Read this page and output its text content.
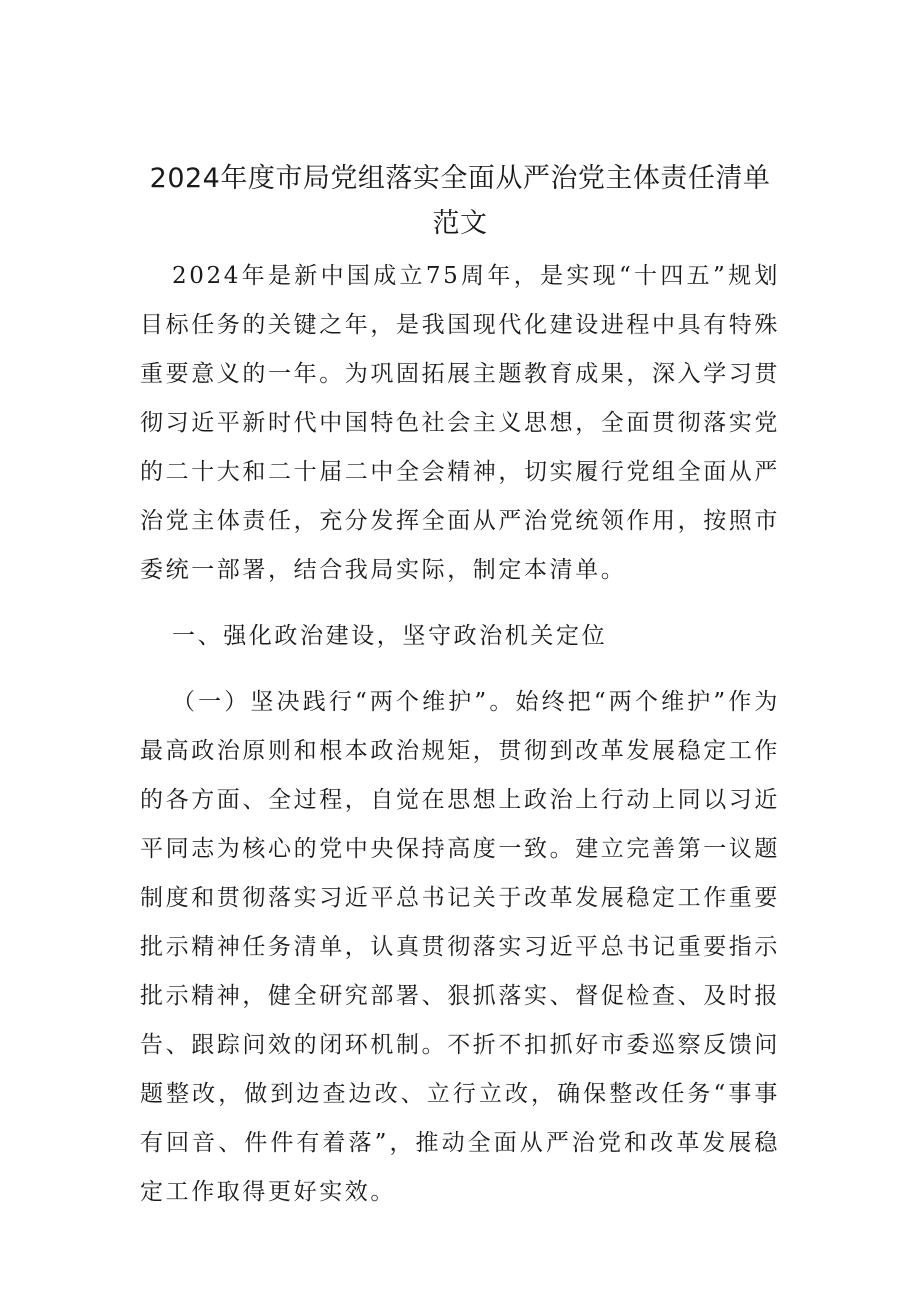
2024年度市局党组落实全面从严治党主体责任清单
范文

2024年是新中国成立75周年，是实现“十四五”规划目标任务的关键之年，是我国现代化建设进程中具有特殊重要意义的一年。为巩固拓展主题教育成果，深入学习贯彻习近平新时代中国特色社会主义思想，全面贯彻落实党的二十大和二十届二中全会精神，切实履行党组全面从严治党主体责任，充分发挥全面从严治党统领作用，按照市委统一部署，结合我局实际，制定本清单。

一、强化政治建设，坚守政治机关定位

（一）坚决践行“两个维护”。始终把“两个维护”作为最高政治原则和根本政治规矩，贯彻到改革发展稳定工作的各方面、全过程，自觉在思想上政治上行动上同以习近平同志为核心的党中央保持高度一致。建立完善第一议题制度和贯彻落实习近平总书记关于改革发展稳定工作重要批示精神任务清单，认真贯彻落实习近平总书记重要指示批示精神，健全研究部署、狠抓落实、督促检查、及时报告、跟踪问效的闭环机制。不折不扣抓好市委巡察反馈问题整改，做到边查边改、立行立改，确保整改任务“事事有回音、件件有着落”，推动全面从严治党和改革发展稳定工作取得更好实效。
